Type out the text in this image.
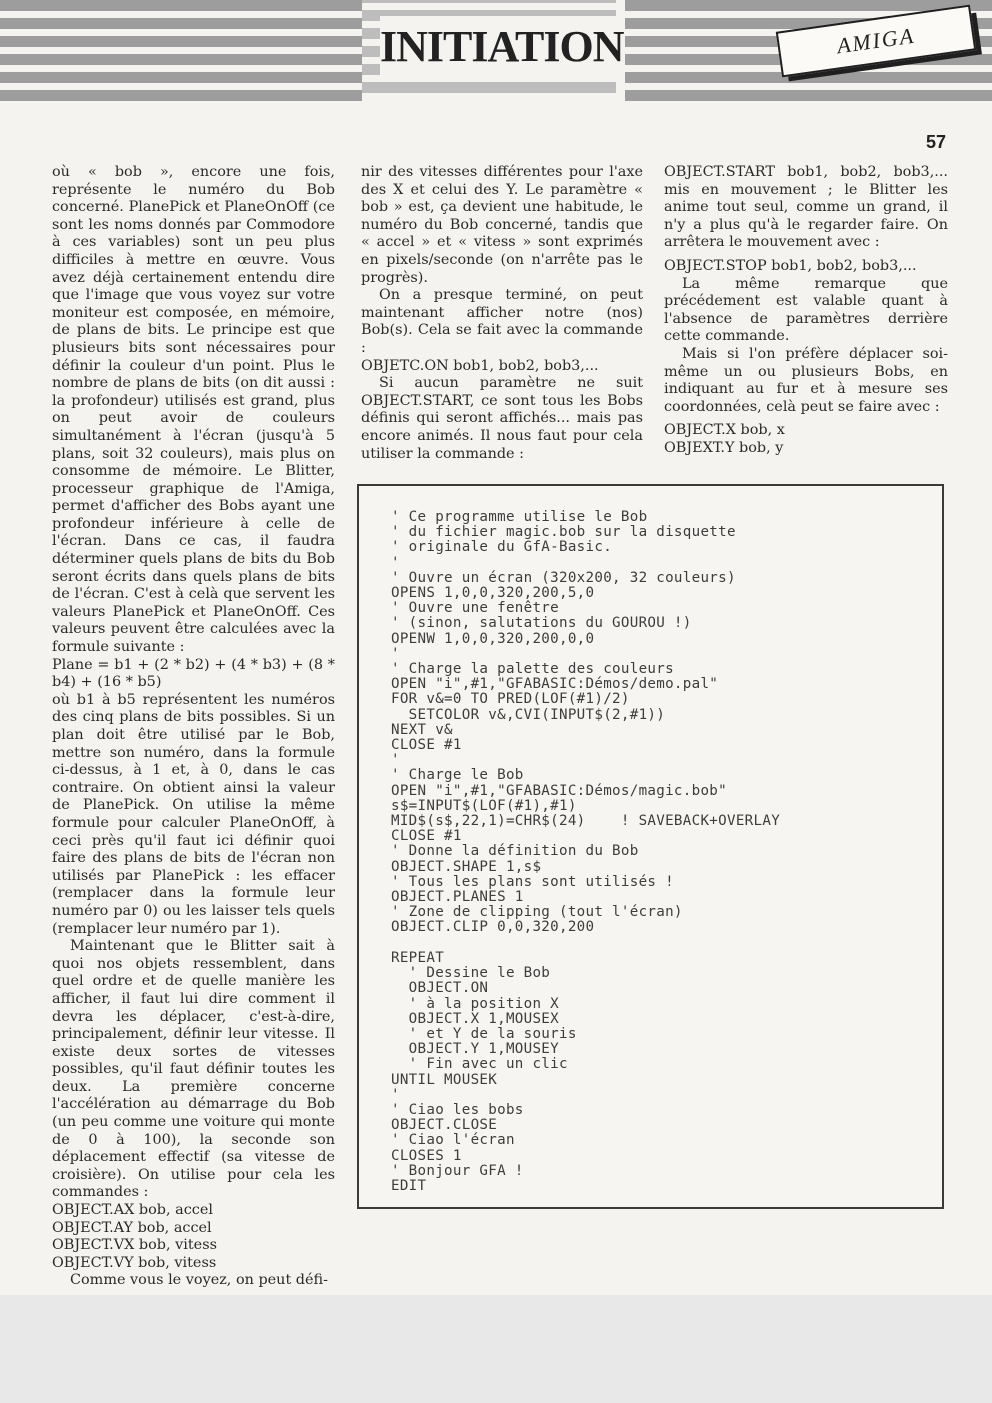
INITIATION	AMIGA
57

où « bob », encore une fois, représente le numéro du Bob concerné. PlanePick et PlaneOnOff (ce sont les noms donnés par Commodore à ces variables) sont un peu plus difficiles à mettre en œuvre. Vous avez déjà certainement entendu dire que l'image que vous voyez sur votre moniteur est composée, en mémoire, de plans de bits. Le principe est que plusieurs bits sont nécessaires pour définir la couleur d'un point. Plus le nombre de plans de bits (on dit aussi : la profondeur) utilisés est grand, plus on peut avoir de couleurs simultanément à l'écran (jusqu'à 5 plans, soit 32 couleurs), mais plus on consomme de mémoire. Le Blitter, processeur graphique de l'Amiga, permet d'afficher des Bobs ayant une profondeur inférieure à celle de l'écran. Dans ce cas, il faudra déterminer quels plans de bits du Bob seront écrits dans quels plans de bits de l'écran. C'est à celà que servent les valeurs PlanePick et PlaneOnOff. Ces valeurs peuvent être calculées avec la formule suivante :

Plane = b1 + (2 * b2) + (4 * b3) + (8 * b4) + (16 * b5)

où b1 à b5 représentent les numéros des cinq plans de bits possibles. Si un plan doit être utilisé par le Bob, mettre son numéro, dans la formule ci-dessus, à 1 et, à 0, dans le cas contraire. On obtient ainsi la valeur de PlanePick. On utilise la même formule pour calculer PlaneOnOff, à ceci près qu'il faut ici définir quoi faire des plans de bits de l'écran non utilisés par PlanePick : les effacer (remplacer dans la formule leur numéro par 0) ou les laisser tels quels (remplacer leur numéro par 1).

Maintenant que le Blitter sait à quoi nos objets ressemblent, dans quel ordre et de quelle manière les afficher, il faut lui dire comment il devra les déplacer, c'est-à-dire, principalement, définir leur vitesse. Il existe deux sortes de vitesses possibles, qu'il faut définir toutes les deux. La première concerne l'accélération au démarrage du Bob (un peu comme une voiture qui monte de 0 à 100), la seconde son déplacement effectif (sa vitesse de croisière). On utilise pour cela les commandes :

OBJECT.AX bob, accel

OBJECT.AY bob, accel

OBJECT.VX bob, vitess

OBJECT.VY bob, vitess

Comme vous le voyez, on peut défi-

nir des vitesses différentes pour l'axe des X et celui des Y. Le paramètre « bob » est, ça devient une habitude, le numéro du Bob concerné, tandis que « accel » et « vitess » sont exprimés en pixels/seconde (on n'arrête pas le progrès).

On a presque terminé, on peut maintenant afficher notre (nos) Bob(s). Cela se fait avec la commande :

OBJETC.ON bob1, bob2, bob3,...

Si aucun paramètre ne suit OBJECT.START, ce sont tous les Bobs définis qui seront affichés... mais pas encore animés. Il nous faut pour cela utiliser la commande :

OBJECT.START bob1, bob2, bob3,... mis en mouvement ; le Blitter les anime tout seul, comme un grand, il n'y a plus qu'à le regarder faire. On arrêtera le mouvement avec :

OBJECT.STOP bob1, bob2, bob3,...

La même remarque que précédement est valable quant à l'absence de paramètres derrière cette commande.

Mais si l'on préfère déplacer soi-même un ou plusieurs Bobs, en indiquant au fur et à mesure ses coordonnées, celà peut se faire avec :

OBJECT.X bob, x

OBJEXT.Y bob, y

' Ce programme utilise le Bob
' du fichier magic.bob sur la disquette
' originale du GfA-Basic.
'
' Ouvre un écran (320x200, 32 couleurs)
OPENS 1,0,0,320,200,5,0
' Ouvre une fenêtre
' (sinon, salutations du GOUROU !)
OPENW 1,0,0,320,200,0,0
'
' Charge la palette des couleurs
OPEN "i",#1,"GFABASIC:Démos/demo.pal"
FOR v&=0 TO PRED(LOF(#1)/2)
SETCOLOR v&,CVI(INPUT$(2,#1))
NEXT v&
CLOSE #1
'
' Charge le Bob
OPEN "i",#1,"GFABASIC:Démos/magic.bob"
s$=INPUT$(LOF(#1),#1)
MID$(s$,22,1)=CHR$(24)    ! SAVEBACK+OVERLAY
CLOSE #1
' Donne la définition du Bob
OBJECT.SHAPE 1,s$
' Tous les plans sont utilisés !
OBJECT.PLANES 1
' Zone de clipping (tout l'écran)
OBJECT.CLIP 0,0,320,200

REPEAT
' Dessine le Bob
OBJECT.ON
' à la position X
OBJECT.X 1,MOUSEX
' et Y de la souris
OBJECT.Y 1,MOUSEY
' Fin avec un clic
UNTIL MOUSEK
'
' Ciao les bobs
OBJECT.CLOSE
' Ciao l'écran
CLOSES 1
' Bonjour GFA !
EDIT
